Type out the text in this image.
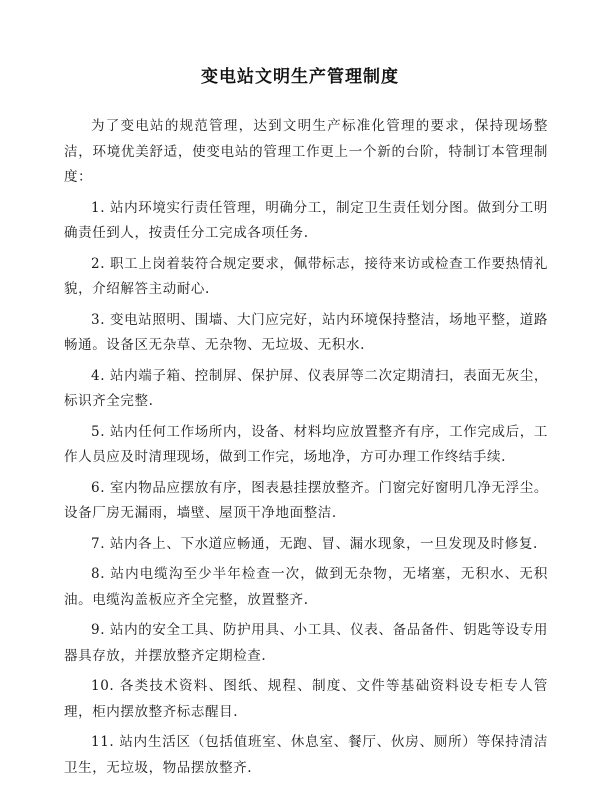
变电站文明生产管理制度

为了变电站的规范管理，达到文明生产标准化管理的要求，保持现场整洁，环境优美舒适，使变电站的管理工作更上一个新的台阶，特制订本管理制度：

1. 站内环境实行责任管理，明确分工，制定卫生责任划分图。做到分工明确责任到人，按责任分工完成各项任务.

2. 职工上岗着装符合规定要求，佩带标志，接待来访或检查工作要热情礼貌，介绍解答主动耐心.

3. 变电站照明、围墙、大门应完好，站内环境保持整洁，场地平整，道路畅通。设备区无杂草、无杂物、无垃圾、无积水.

4. 站内端子箱、控制屏、保护屏、仪表屏等二次定期清扫，表面无灰尘，标识齐全完整.

5. 站内任何工作场所内，设备、材料均应放置整齐有序，工作完成后，工作人员应及时清理现场，做到工作完，场地净，方可办理工作终结手续.

6. 室内物品应摆放有序，图表悬挂摆放整齐。门窗完好窗明几净无浮尘。设备厂房无漏雨，墙壁、屋顶干净地面整洁.

7. 站内各上、下水道应畅通，无跑、冒、漏水现象，一旦发现及时修复.

8. 站内电缆沟至少半年检查一次，做到无杂物，无堵塞，无积水、无积油。电缆沟盖板应齐全完整，放置整齐.

9. 站内的安全工具、防护用具、小工具、仪表、备品备件、钥匙等设专用器具存放，并摆放整齐定期检查.

10. 各类技术资料、图纸、规程、制度、文件等基础资料设专柜专人管理，柜内摆放整齐标志醒目.

11. 站内生活区（包括值班室、休息室、餐厅、伙房、厕所）等保持清洁卫生，无垃圾，物品摆放整齐.
